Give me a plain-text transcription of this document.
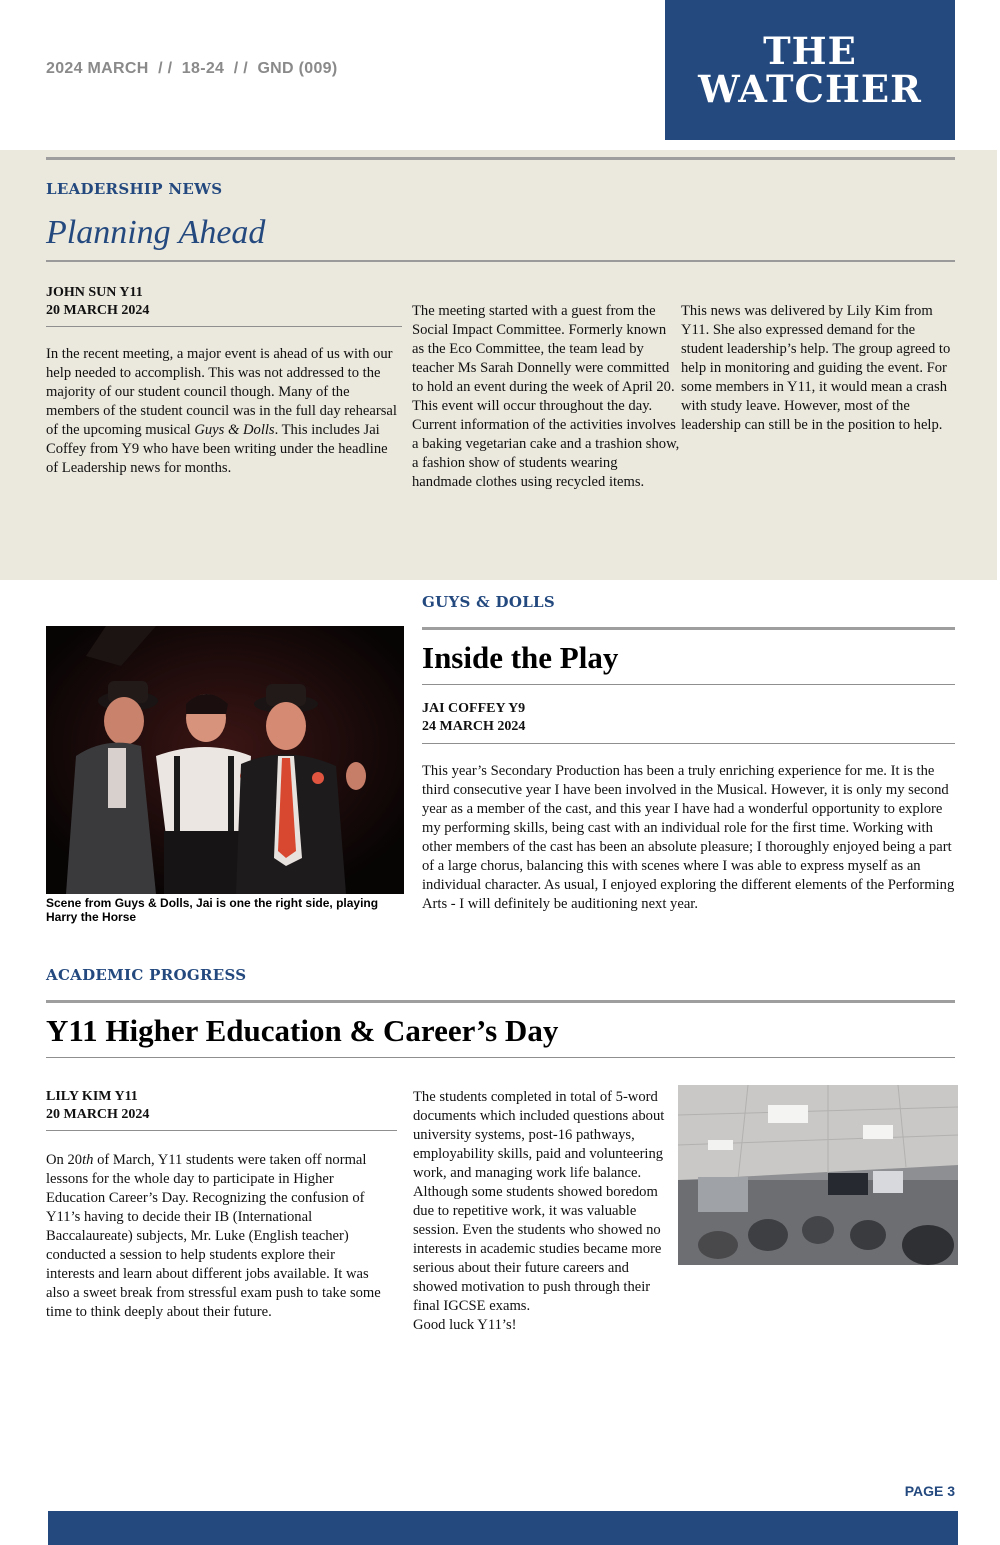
2024 MARCH  / /  18-24  / /  GND (009)	THE
WATCHER
LEADERSHIP NEWS
Planning Ahead
JOHN SUN Y11
20 MARCH 2024
In the recent meeting, a major event is ahead of us with our help needed to accomplish. This was not addressed to the majority of our student council though. Many of the members of the student council was in the full day rehearsal of the upcoming musical Guys & Dolls. This includes Jai Coffey from Y9 who have been writing under the headline of Leadership news for months.
The meeting started with a guest from the Social Impact Committee. Formerly known as the Eco Committee, the team lead by teacher Ms Sarah Donnelly were committed to hold an event during the week of April 20. This event will occur throughout the day. Current information of the activities involves a baking vegetarian cake and a trashion show, a fashion show of students wearing handmade clothes using recycled items.
This news was delivered by Lily Kim from Y11. She also expressed demand for the student leadership’s help. The group agreed to help in monitoring and guiding the event. For some members in Y11, it would mean a crash with study leave. However, most of the leadership can still be in the position to help.
GUYS & DOLLS
Scene from Guys & Dolls, Jai is one the right side, playing Harry the Horse
Inside the Play
JAI COFFEY Y9
24 MARCH 2024
This year’s Secondary Production has been a truly enriching experience for me. It is the third consecutive year I have been involved in the Musical. However, it is only my second year as a member of the cast, and this year I have had a wonderful opportunity to explore my performing skills, being cast with an individual role for the first time. Working with other members of the cast has been an absolute pleasure; I thoroughly enjoyed being a part of a large chorus, balancing this with scenes where I was able to express myself as an individual character. As usual, I enjoyed exploring the different elements of the Performing Arts - I will definitely be auditioning next year.
ACADEMIC PROGRESS
Y11 Higher Education & Career’s Day
LILY KIM Y11
20 MARCH 2024
On 20th of March, Y11 students were taken off normal lessons for the whole day to participate in Higher Education Career’s Day. Recognizing the confusion of Y11’s having to decide their IB (International Baccalaureate) subjects, Mr. Luke (English teacher) conducted a session to help students explore their interests and learn about different jobs available. It was also a sweet break from stressful exam push to take some time to think deeply about their future.
The students completed in total of 5-word documents which included questions about university systems, post-16 pathways, employability skills, paid and volunteering work, and managing work life balance. Although some students showed boredom due to repetitive work, it was valuable session. Even the students who showed no interests in academic studies became more serious about their future careers and showed motivation to push through their final IGCSE exams.
Good luck Y11’s!
PAGE 3
